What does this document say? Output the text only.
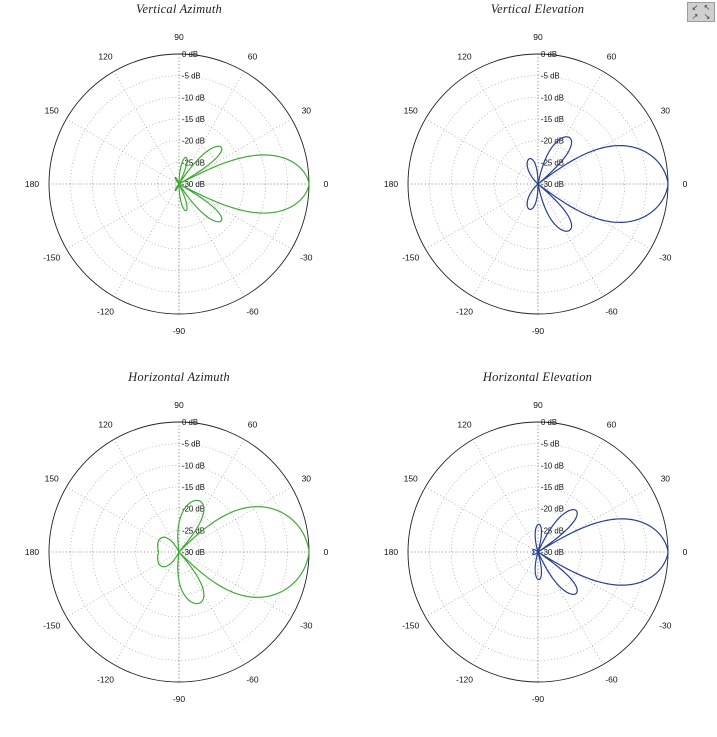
↙ ↖
↗ ↘
Vertical Azimuth
0
30
60
90
120
150
180
-150
-120
-90
-60
-30
0 dB
-5 dB
-10 dB
-15 dB
-20 dB
-25 dB
-30 dB
Vertical Elevation
0
30
60
90
120
150
180
-150
-120
-90
-60
-30
0 dB
-5 dB
-10 dB
-15 dB
-20 dB
-25 dB
-30 dB
Horizontal Azimuth
0
30
60
90
120
150
180
-150
-120
-90
-60
-30
0 dB
-5 dB
-10 dB
-15 dB
-20 dB
-25 dB
-30 dB
Horizontal Elevation
0
30
60
90
120
150
180
-150
-120
-90
-60
-30
0 dB
-5 dB
-10 dB
-15 dB
-20 dB
-25 dB
-30 dB
